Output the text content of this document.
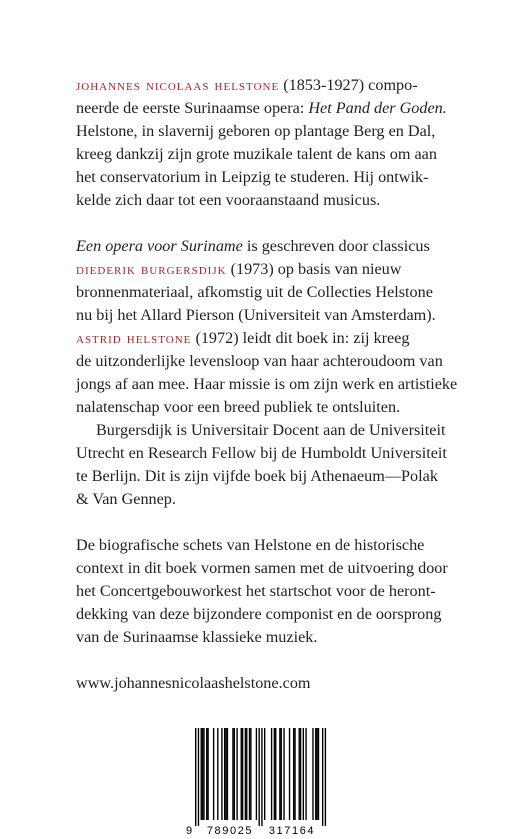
johannes nicolaas helstone (1853-1927) compo-
neerde de eerste Surinaamse opera: Het Pand der Goden.
Helstone, in slavernij geboren op plantage Berg en Dal,
kreeg dankzij zijn grote muzikale talent de kans om aan
het conservatorium in Leipzig te studeren. Hij ontwik-
kelde zich daar tot een vooraanstaand musicus.

Een opera voor Suriname is geschreven door classicus
diederik burgersdijk (1973) op basis van nieuw
bronnenmateriaal, afkomstig uit de Collecties Helstone
nu bij het Allard Pierson (Universiteit van Amsterdam).
astrid helstone (1972) leidt dit boek in: zij kreeg
de uitzonderlijke levensloop van haar achteroudoom van
jongs af aan mee. Haar missie is om zijn werk en artistieke
nalatenschap voor een breed publiek te ontsluiten.

Burgersdijk is Universitair Docent aan de Universiteit
Utrecht en Research Fellow bij de Humboldt Universiteit
te Berlijn. Dit is zijn vijfde boek bij Athenaeum—Polak
& Van Gennep.

De biografische schets van Helstone en de historische
context in dit boek vormen samen met de uitvoering door
het Concertgebouworkest het startschot voor de heront-
dekking van deze bijzondere componist en de oorsprong
van de Surinaamse klassieke muziek.

www.johannesnicolaashelstone.com

9 789025 317164
